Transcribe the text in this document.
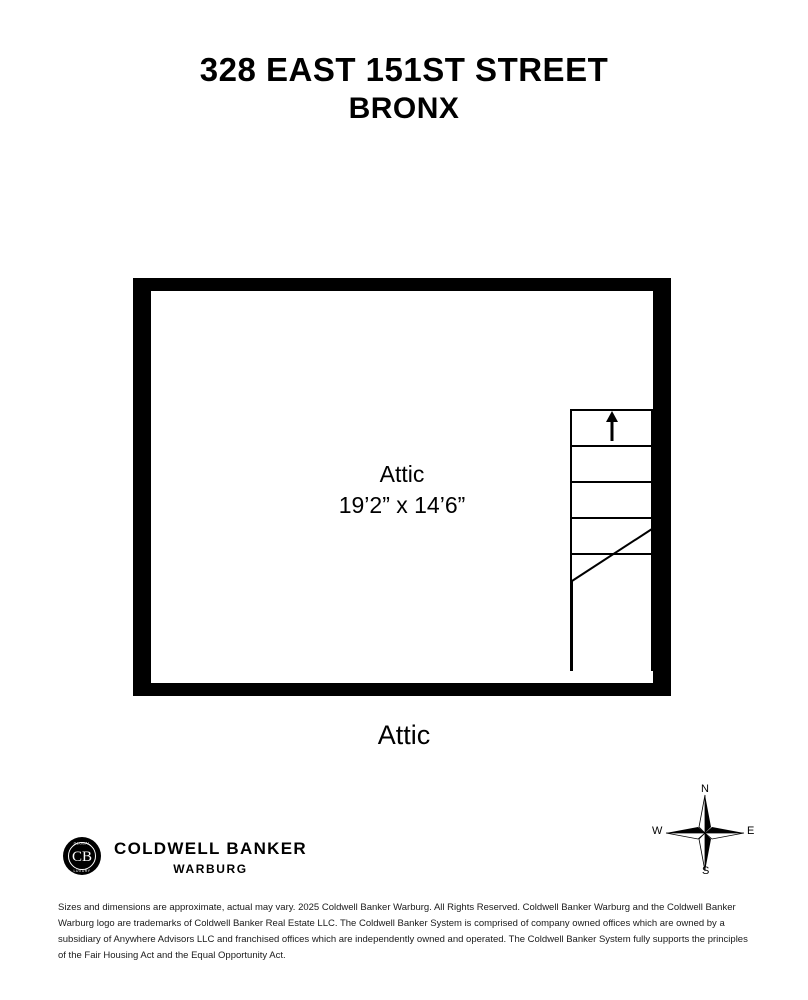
328 EAST 151ST STREET
BRONX
Attic
19’2” x 14’6”
Attic
N
S
W	E
CB
GLOBAL
LUXURY
COLDWELL BANKER
WARBURG
Sizes and dimensions are approximate, actual may vary. 2025 Coldwell Banker Warburg. All Rights Reserved. Coldwell Banker Warburg and the Coldwell Banker Warburg logo are trademarks of Coldwell Banker Real Estate LLC. The Coldwell Banker System is comprised of company owned offices which are owned by a subsidiary of Anywhere Advisors LLC and franchised offices which are independently owned and operated. The Coldwell Banker System fully supports the principles of the Fair Housing Act and the Equal Opportunity Act.
